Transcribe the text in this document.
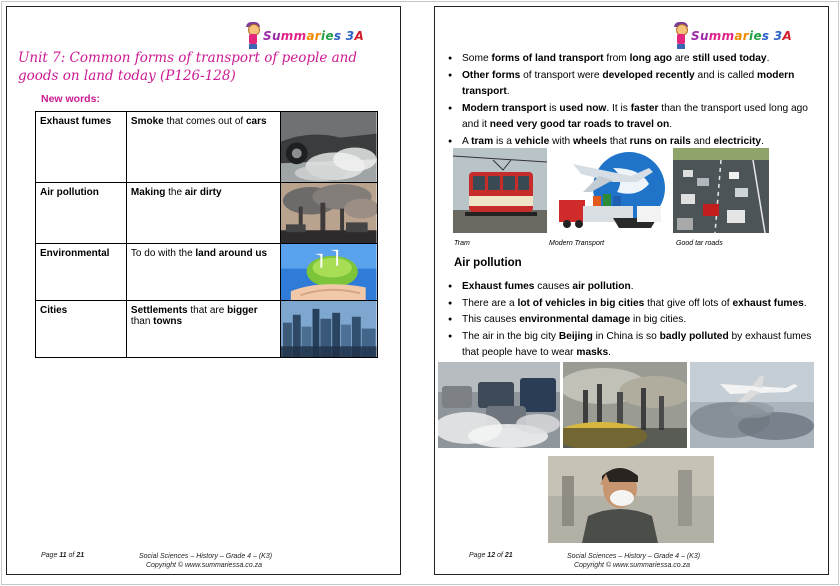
Summaries 3A
Unit 7: Common forms of transport of people and goods on land today (P126-128)
New words:
Exhaust fumes	Smoke that comes out of cars	

Air pollution	Making the air dirty	

Environmental	To do with the land around us	

Cities	Settlements that are bigger than towns	
Page 11 of 21	Social Sciences – History – Grade 4 – (K3)
Copyright © www.summariessa.co.za
Summaries 3A
● Some forms of land transport from long ago are still used today.
● Other forms of transport were developed recently and is called modern transport.
● Modern transport is used now. It is faster than the transport used long ago and it need very good tar roads to travel on.
● A tram is a vehicle with wheels that runs on rails and electricity.
Tram	Modern Transport	Good tar roads
Air pollution
● Exhaust fumes causes air pollution.
● There are a lot of vehicles in big cities that give off lots of exhaust fumes.
● This causes environmental damage in big cities.
● The air in the big city Beijing in China is so badly polluted by exhaust fumes that people have to wear masks.
Page 12 of 21	Social Sciences – History – Grade 4 – (K3)
Copyright © www.summariessa.co.za
